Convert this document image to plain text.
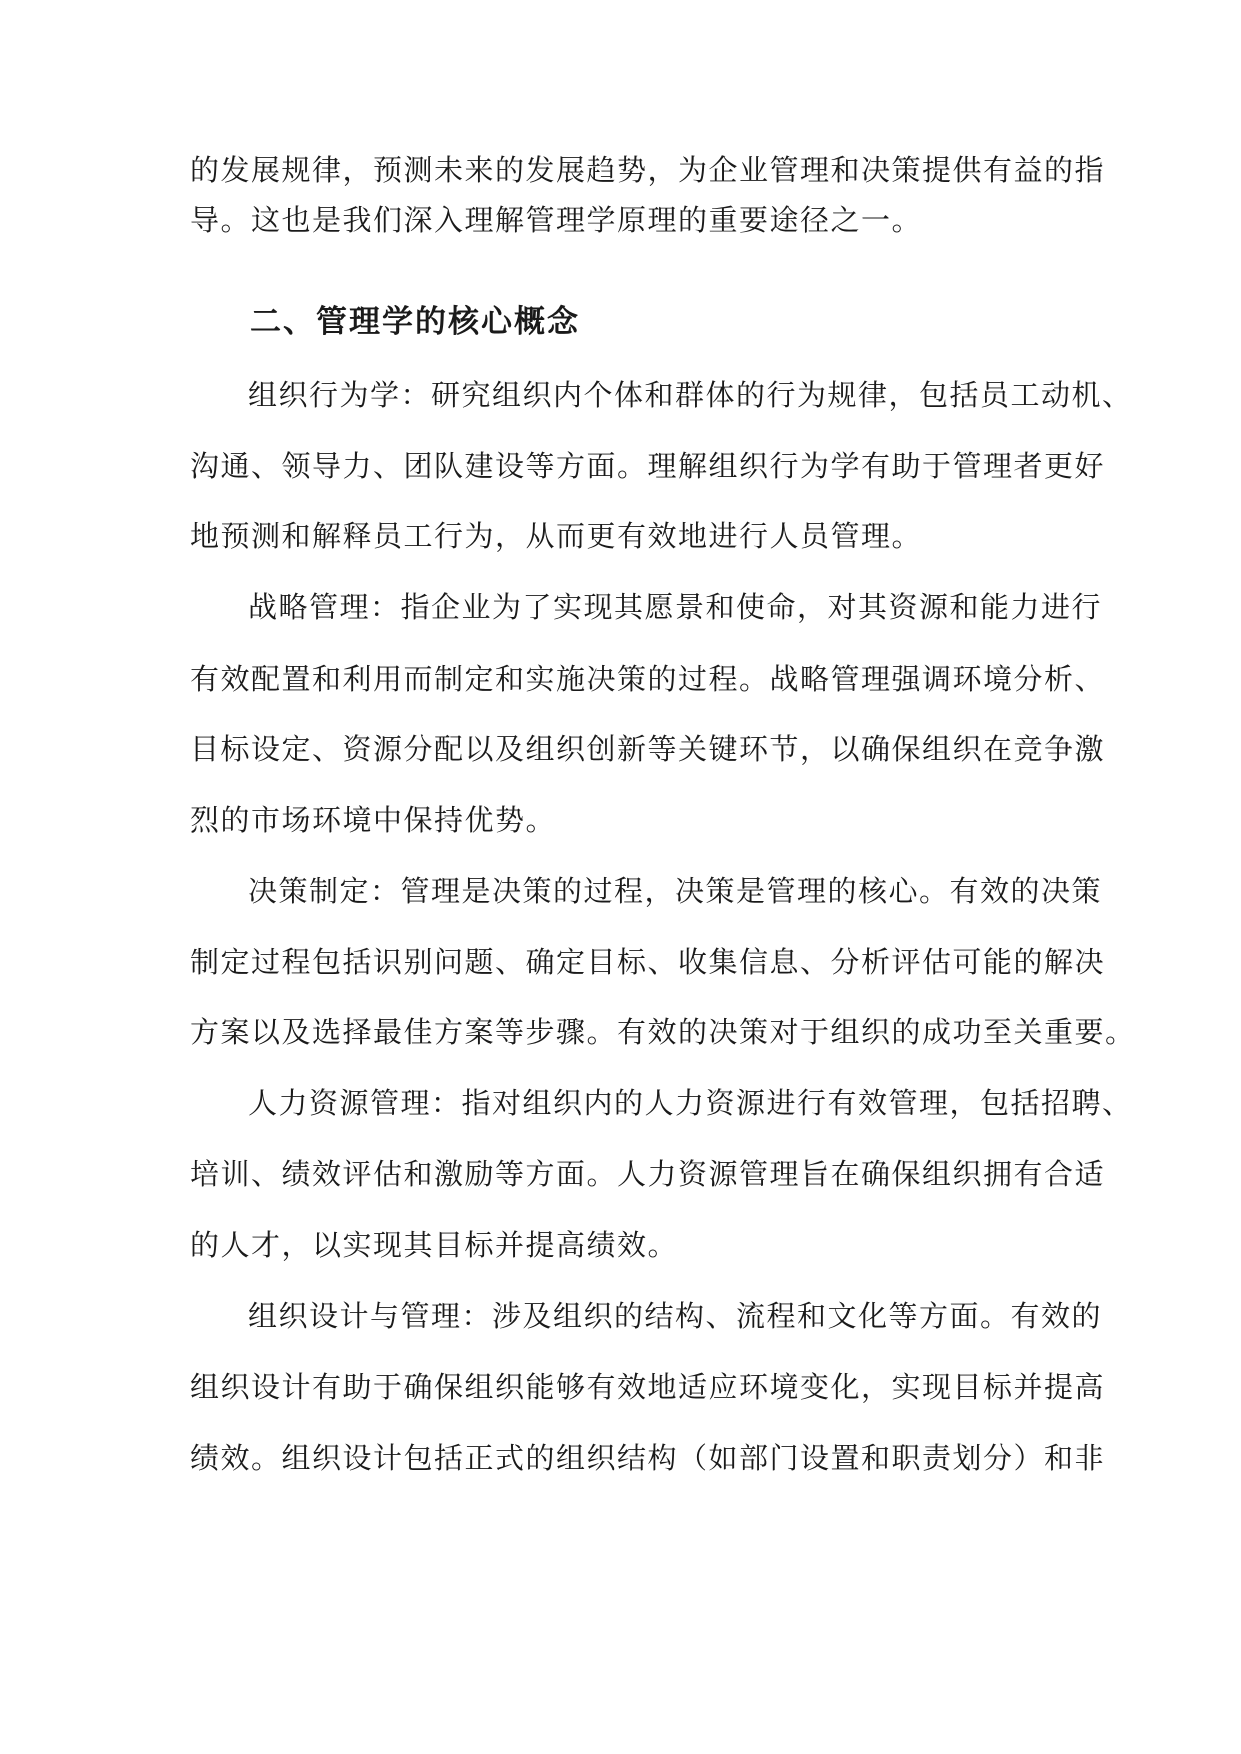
的发展规律，预测未来的发展趋势，为企业管理和决策提供有益的指
导。这也是我们深入理解管理学原理的重要途径之一。
二、管理学的核心概念
组织行为学：研究组织内个体和群体的行为规律，包括员工动机、
沟通、领导力、团队建设等方面。理解组织行为学有助于管理者更好
地预测和解释员工行为，从而更有效地进行人员管理。
战略管理：指企业为了实现其愿景和使命，对其资源和能力进行
有效配置和利用而制定和实施决策的过程。战略管理强调环境分析、
目标设定、资源分配以及组织创新等关键环节，以确保组织在竞争激
烈的市场环境中保持优势。
决策制定：管理是决策的过程，决策是管理的核心。有效的决策
制定过程包括识别问题、确定目标、收集信息、分析评估可能的解决
方案以及选择最佳方案等步骤。有效的决策对于组织的成功至关重要。
人力资源管理：指对组织内的人力资源进行有效管理，包括招聘、
培训、绩效评估和激励等方面。人力资源管理旨在确保组织拥有合适
的人才，以实现其目标并提高绩效。
组织设计与管理：涉及组织的结构、流程和文化等方面。有效的
组织设计有助于确保组织能够有效地适应环境变化，实现目标并提高
绩效。组织设计包括正式的组织结构（如部门设置和职责划分）和非
